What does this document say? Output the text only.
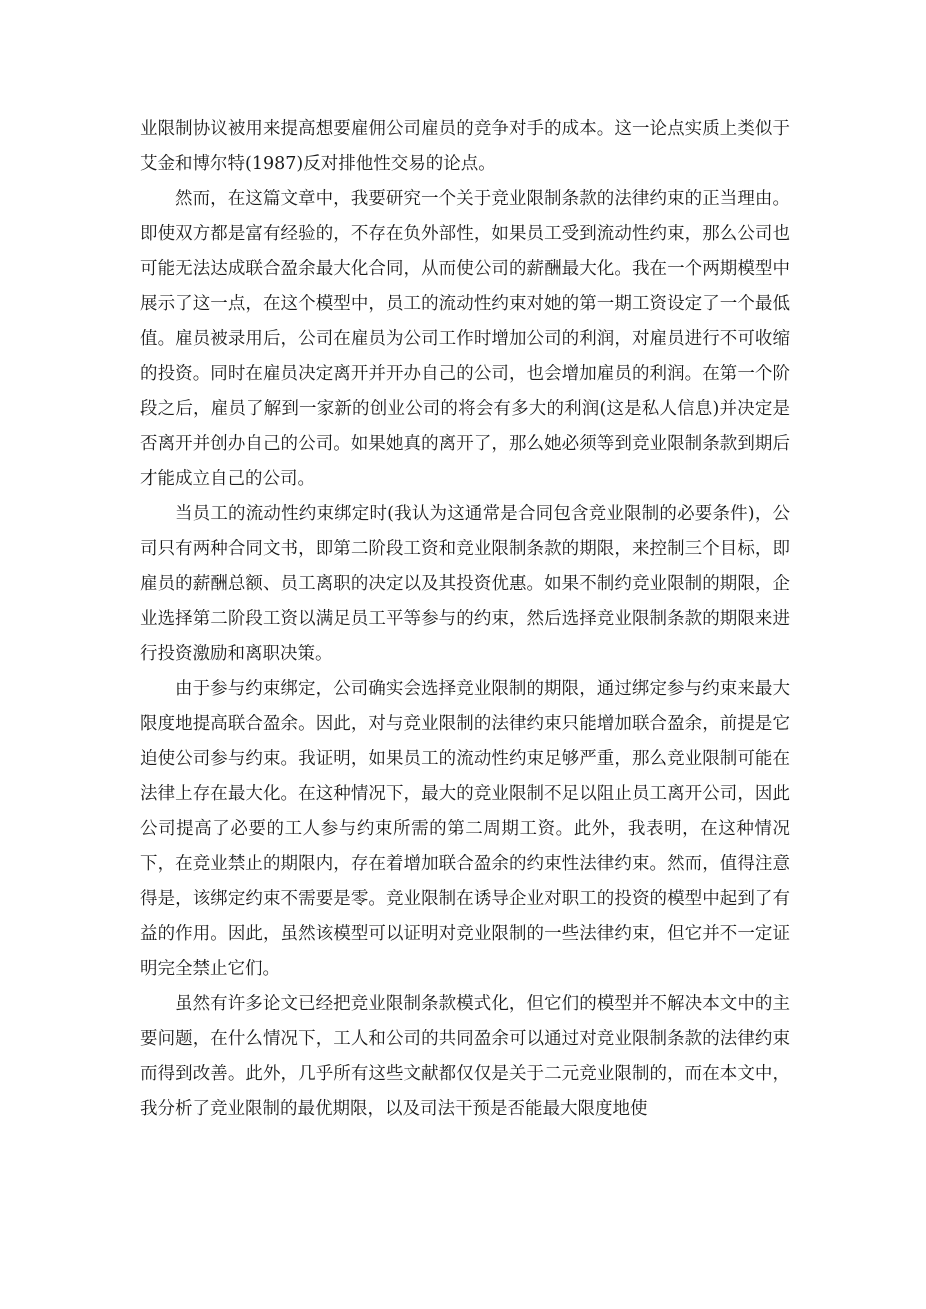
业限制协议被用来提高想要雇佣公司雇员的竞争对手的成本。这一论点实质上类似于艾金和博尔特(1987)反对排他性交易的论点。

然而，在这篇文章中，我要研究一个关于竞业限制条款的法律约束的正当理由。即使双方都是富有经验的，不存在负外部性，如果员工受到流动性约束，那么公司也可能无法达成联合盈余最大化合同，从而使公司的薪酬最大化。我在一个两期模型中展示了这一点，在这个模型中，员工的流动性约束对她的第一期工资设定了一个最低值。雇员被录用后，公司在雇员为公司工作时增加公司的利润，对雇员进行不可收缩的投资。同时在雇员决定离开并开办自己的公司，也会增加雇员的利润。在第一个阶段之后，雇员了解到一家新的创业公司的将会有多大的利润(这是私人信息)并决定是否离开并创办自己的公司。如果她真的离开了，那么她必须等到竞业限制条款到期后才能成立自己的公司。

当员工的流动性约束绑定时(我认为这通常是合同包含竞业限制的必要条件)，公司只有两种合同文书，即第二阶段工资和竞业限制条款的期限，来控制三个目标，即雇员的薪酬总额、员工离职的决定以及其投资优惠。如果不制约竞业限制的期限，企业选择第二阶段工资以满足员工平等参与的约束，然后选择竞业限制条款的期限来进行投资激励和离职决策。

由于参与约束绑定，公司确实会选择竞业限制的期限，通过绑定参与约束来最大限度地提高联合盈余。因此，对与竞业限制的法律约束只能增加联合盈余，前提是它迫使公司参与约束。我证明，如果员工的流动性约束足够严重，那么竞业限制可能在法律上存在最大化。在这种情况下，最大的竞业限制不足以阻止员工离开公司，因此公司提高了必要的工人参与约束所需的第二周期工资。此外，我表明，在这种情况下，在竞业禁止的期限内，存在着增加联合盈余的约束性法律约束。然而，值得注意得是，该绑定约束不需要是零。竞业限制在诱导企业对职工的投资的模型中起到了有益的作用。因此，虽然该模型可以证明对竞业限制的一些法律约束，但它并不一定证明完全禁止它们。

虽然有许多论文已经把竞业限制条款模式化，但它们的模型并不解决本文中的主要问题，在什么情况下，工人和公司的共同盈余可以通过对竞业限制条款的法律约束而得到改善。此外，几乎所有这些文献都仅仅是关于二元竞业限制的，而在本文中，我分析了竞业限制的最优期限，以及司法干预是否能最大限度地使
